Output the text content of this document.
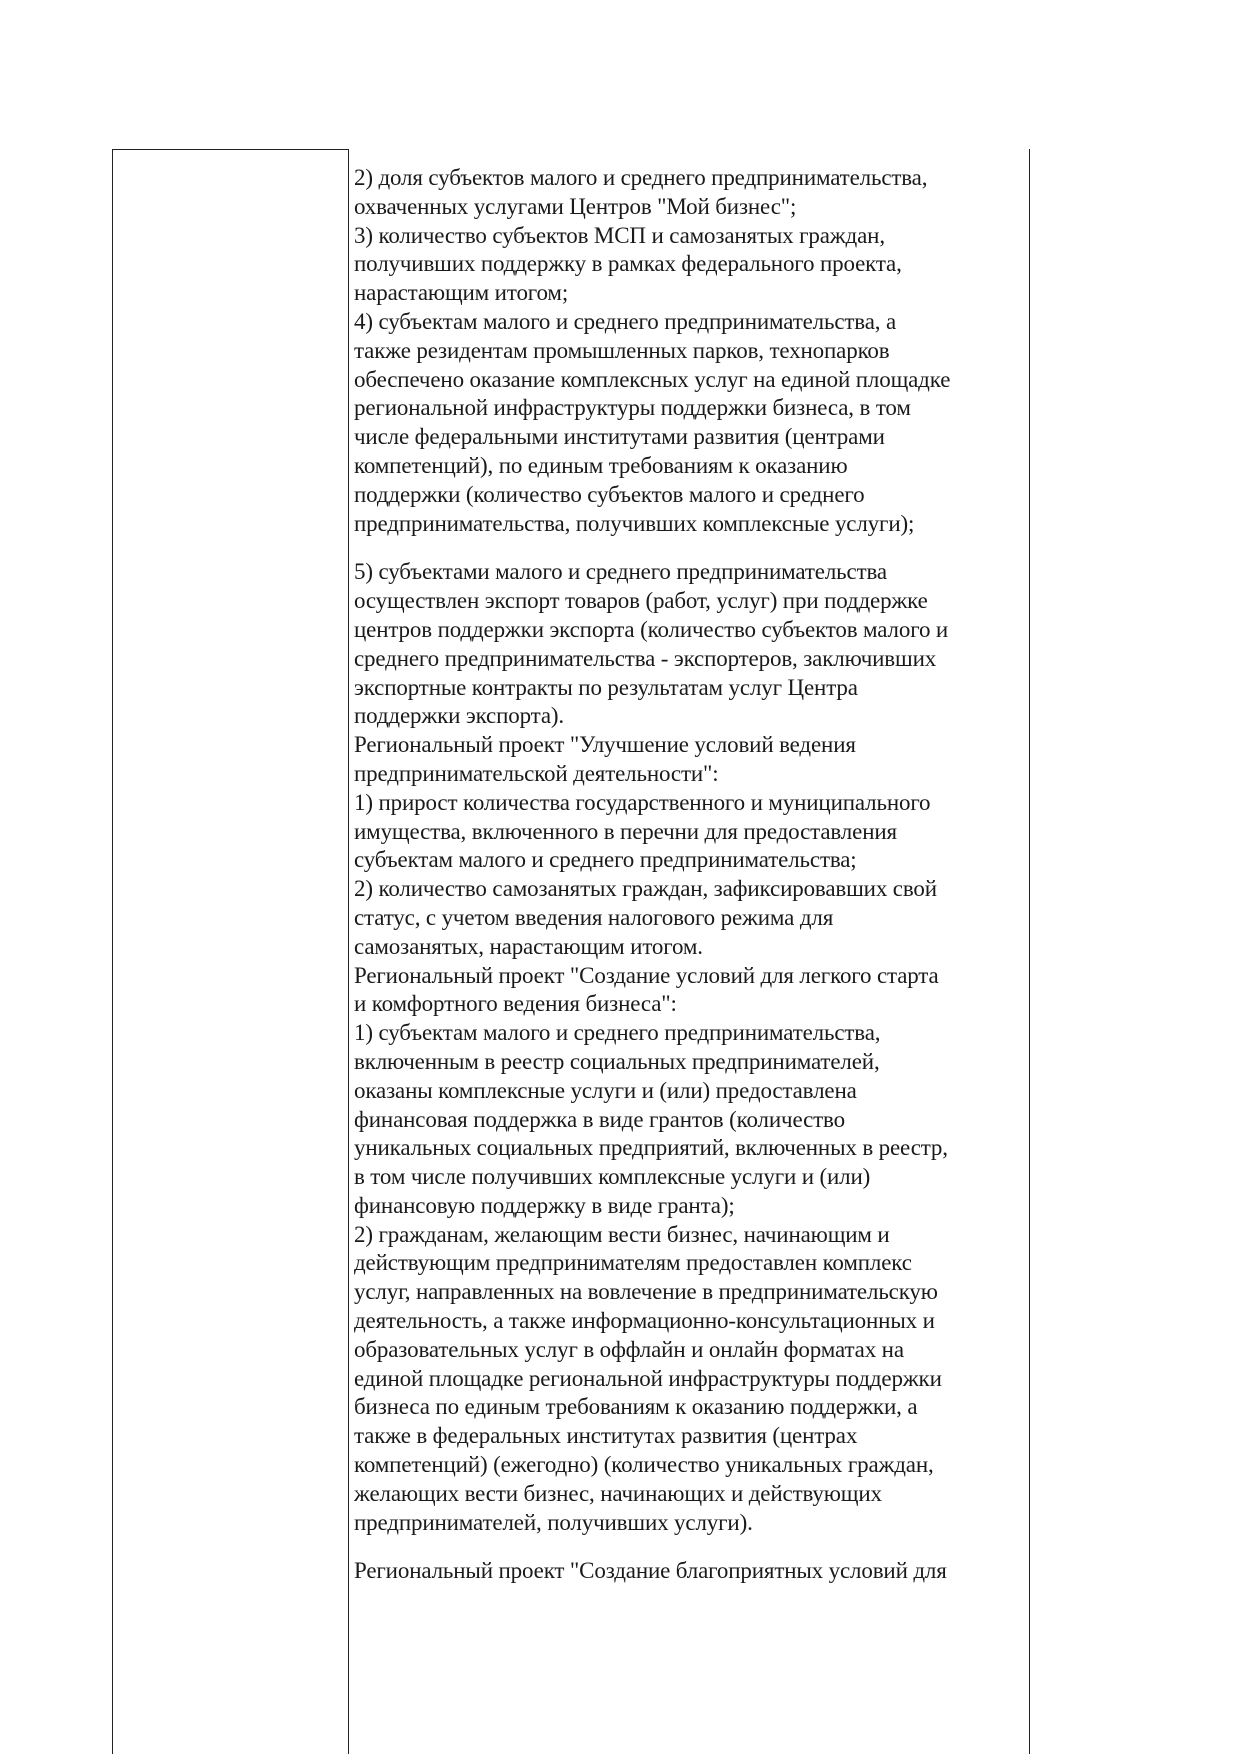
2) доля субъектов малого и среднего предпринимательства,

охваченных услугами Центров "Мой бизнес";

3) количество субъектов МСП и самозанятых граждан,

получивших поддержку в рамках федерального проекта,

нарастающим итогом;

4) субъектам малого и среднего предпринимательства, а

также резидентам промышленных парков, технопарков

обеспечено оказание комплексных услуг на единой площадке

региональной инфраструктуры поддержки бизнеса, в том

числе федеральными институтами развития (центрами

компетенций), по единым требованиям к оказанию

поддержки (количество субъектов малого и среднего

предпринимательства, получивших комплексные услуги);

5) субъектами малого и среднего предпринимательства

осуществлен экспорт товаров (работ, услуг) при поддержке

центров поддержки экспорта (количество субъектов малого и

среднего предпринимательства - экспортеров, заключивших

экспортные контракты по результатам услуг Центра

поддержки экспорта).

Региональный проект "Улучшение условий ведения

предпринимательской деятельности":

1) прирост количества государственного и муниципального

имущества, включенного в перечни для предоставления

субъектам малого и среднего предпринимательства;

2) количество самозанятых граждан, зафиксировавших свой

статус, с учетом введения налогового режима для

самозанятых, нарастающим итогом.

Региональный проект "Создание условий для легкого старта

и комфортного ведения бизнеса":

1) субъектам малого и среднего предпринимательства,

включенным в реестр социальных предпринимателей,

оказаны комплексные услуги и (или) предоставлена

финансовая поддержка в виде грантов (количество

уникальных социальных предприятий, включенных в реестр,

в том числе получивших комплексные услуги и (или)

финансовую поддержку в виде гранта);

2) гражданам, желающим вести бизнес, начинающим и

действующим предпринимателям предоставлен комплекс

услуг, направленных на вовлечение в предпринимательскую

деятельность, а также информационно-консультационных и

образовательных услуг в оффлайн и онлайн форматах на

единой площадке региональной инфраструктуры поддержки

бизнеса по единым требованиям к оказанию поддержки, а

также в федеральных институтах развития (центрах

компетенций) (ежегодно) (количество уникальных граждан,

желающих вести бизнес, начинающих и действующих

предпринимателей, получивших услуги).

Региональный проект "Создание благоприятных условий для
